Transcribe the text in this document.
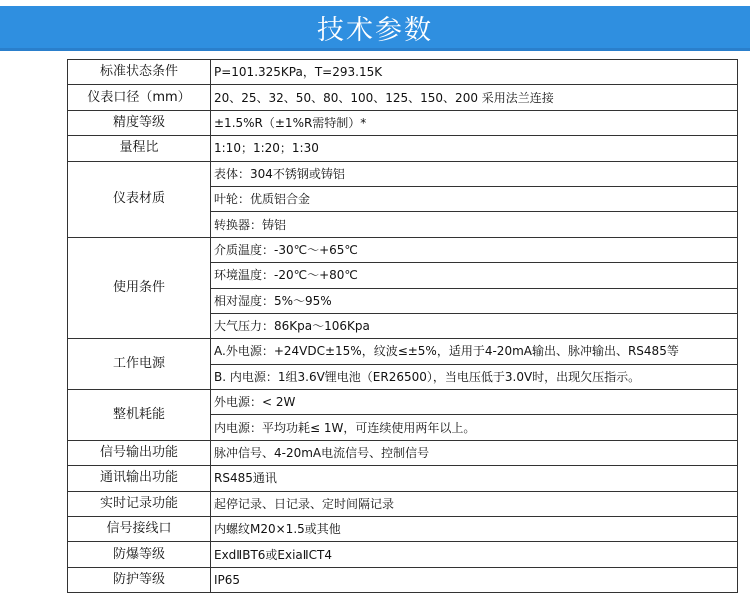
技术参数
标准状态条件	P=101.325KPa，T=293.15K
仪表口径（mm）	20、25、32、50、80、100、125、150、200 采用法兰连接
精度等级	±1.5%R（±1%R需特制）*
量程比	1:10；1:20；1:30
仪表材质	表体：304不锈钢或铸铝
	叶轮：优质铝合金
	转换器：铸铝
使用条件	介质温度：-30℃～+65℃
	环境温度：-20℃～+80℃
	相对湿度：5%～95%
	大气压力：86Kpa～106Kpa
工作电源	A.外电源：+24VDC±15%，纹波≤±5%，适用于4-20mA输出、脉冲输出、RS485等
	B. 内电源：1组3.6V锂电池（ER26500），当电压低于3.0V时，出现欠压指示。
整机耗能	外电源：< 2W
	内电源：平均功耗≤ 1W，可连续使用两年以上。
信号输出功能	脉冲信号、4-20mA电流信号、控制信号
通讯输出功能	RS485通讯
实时记录功能	起停记录、日记录、定时间隔记录
信号接线口	内螺纹M20×1.5或其他
防爆等级	ExdⅡBT6或ExiaⅡCT4
防护等级	IP65
